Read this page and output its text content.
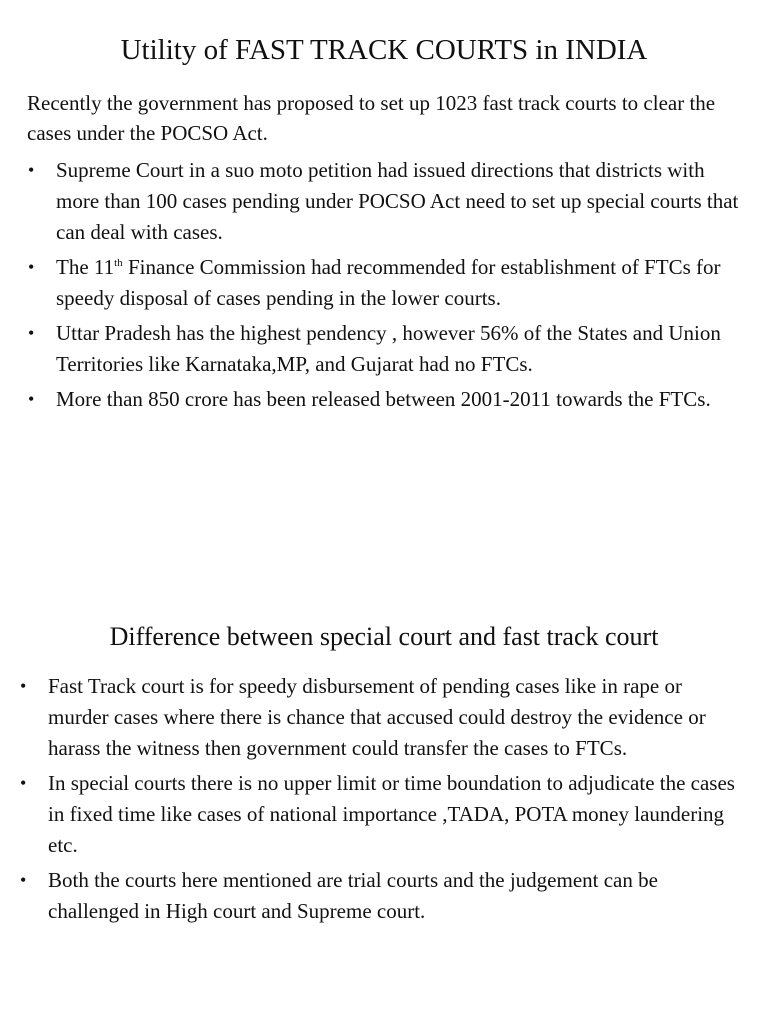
Utility of FAST TRACK COURTS in INDIA

Recently the government has proposed to set up 1023 fast track courts to clear the cases under the POCSO Act.

• Supreme Court in a suo moto petition had issued directions that districts with more than 100 cases pending under POCSO Act need to set up special courts that can deal with cases.
• The 11th Finance Commission had recommended for establishment of FTCs for speedy disposal of cases pending in the lower courts.
• Uttar Pradesh has the highest pendency , however 56% of the States and Union Territories like Karnataka,MP, and Gujarat had no FTCs.
• More than 850 crore has been released between 2001-2011 towards the FTCs.
Difference between special court and fast track court
• Fast Track court is for speedy disbursement of pending cases like in rape or murder cases where there is chance that accused could destroy the evidence or harass the witness then government could transfer the cases to FTCs.
• In special courts there is no upper limit or time boundation to adjudicate the cases in fixed time like cases of national importance ,TADA, POTA money laundering etc.
• Both the courts here mentioned are trial courts and the judgement can be challenged in High court and Supreme court.
